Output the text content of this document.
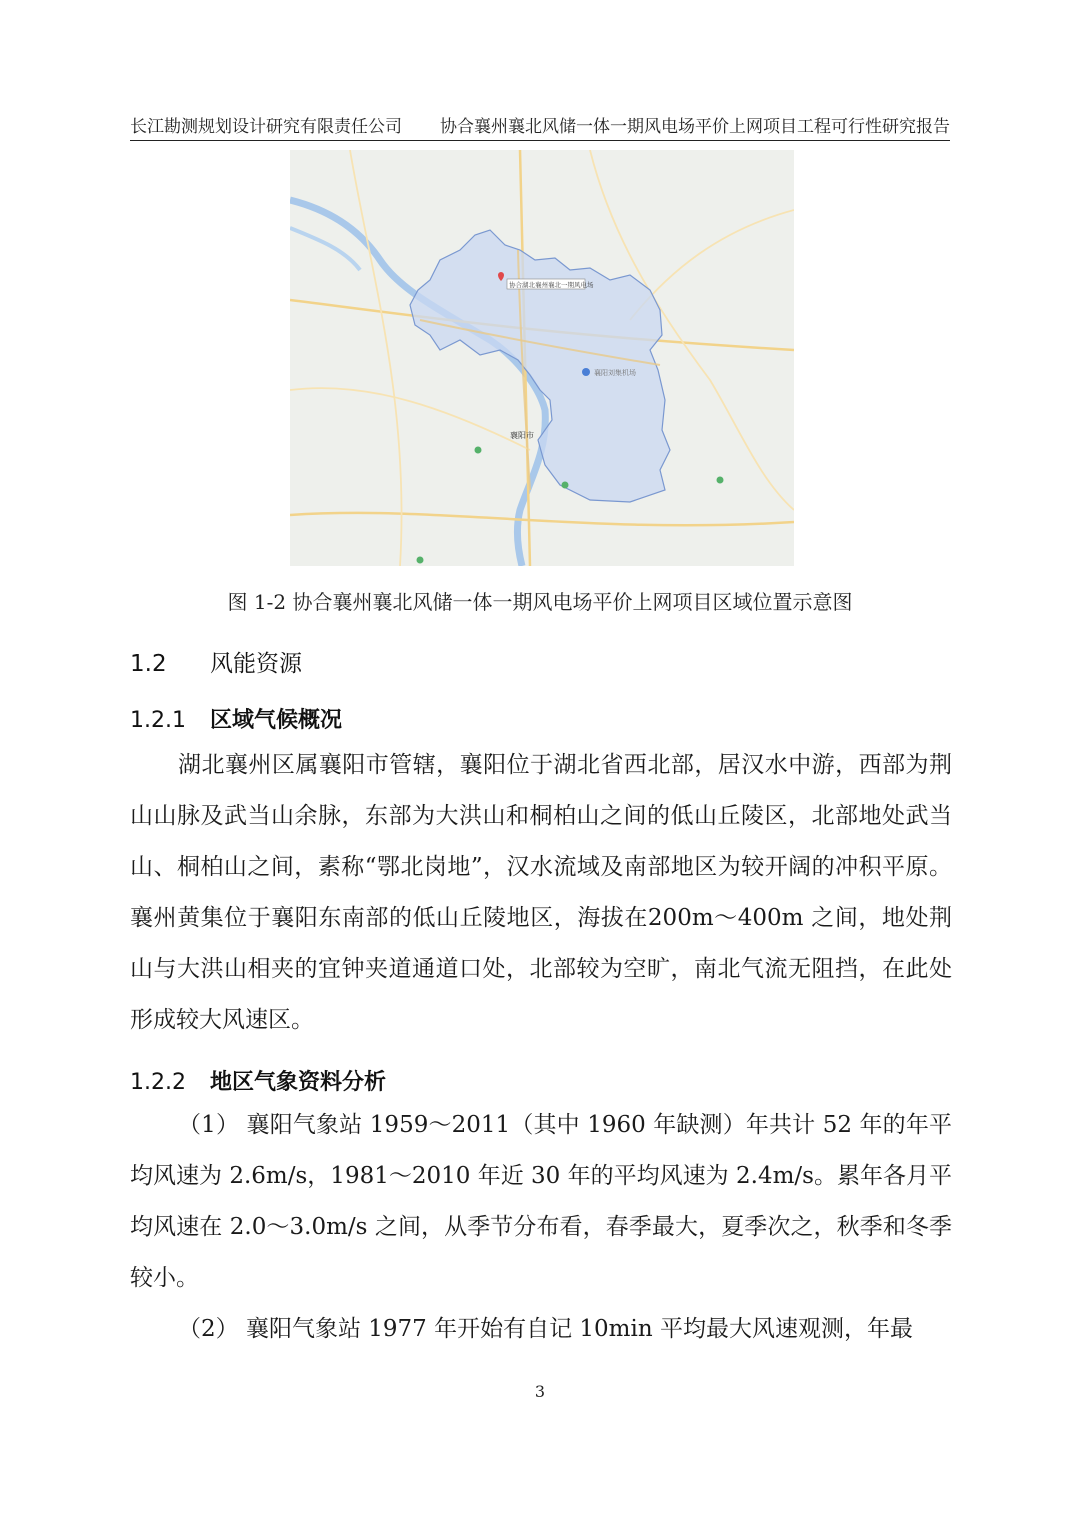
长江勘测规划设计研究有限责任公司 协合襄州襄北风储一体一期风电场平价上网项目工程可行性研究报告
襄阳刘集机场
襄阳市
协合湖北襄州襄北一期风电场
图 1-2 协合襄州襄北风储一体一期风电场平价上网项目区域位置示意图
1.2 风能资源
1.2.1 区域气候概况

湖北襄州区属襄阳市管辖，襄阳位于湖北省西北部，居汉水中游，西部为荆山山脉及武当山余脉，东部为大洪山和桐柏山之间的低山丘陵区，北部地处武当山、桐柏山之间，素称“鄂北岗地”，汉水流域及南部地区为较开阔的冲积平原。襄州黄集位于襄阳东南部的低山丘陵地区，海拔在200m～400m 之间，地处荆山与大洪山相夹的宜钟夹道通道口处，北部较为空旷，南北气流无阻挡，在此处形成较大风速区。

1.2.2 地区气象资料分析

（1） 襄阳气象站 1959～2011（其中 1960 年缺测）年共计 52 年的年平均风速为 2.6m/s，1981～2010 年近 30 年的平均风速为 2.4m/s。累年各月平均风速在 2.0～3.0m/s 之间，从季节分布看，春季最大，夏季次之，秋季和冬季较小。

（2） 襄阳气象站 1977 年开始有自记 10min 平均最大风速观测，年最

3
